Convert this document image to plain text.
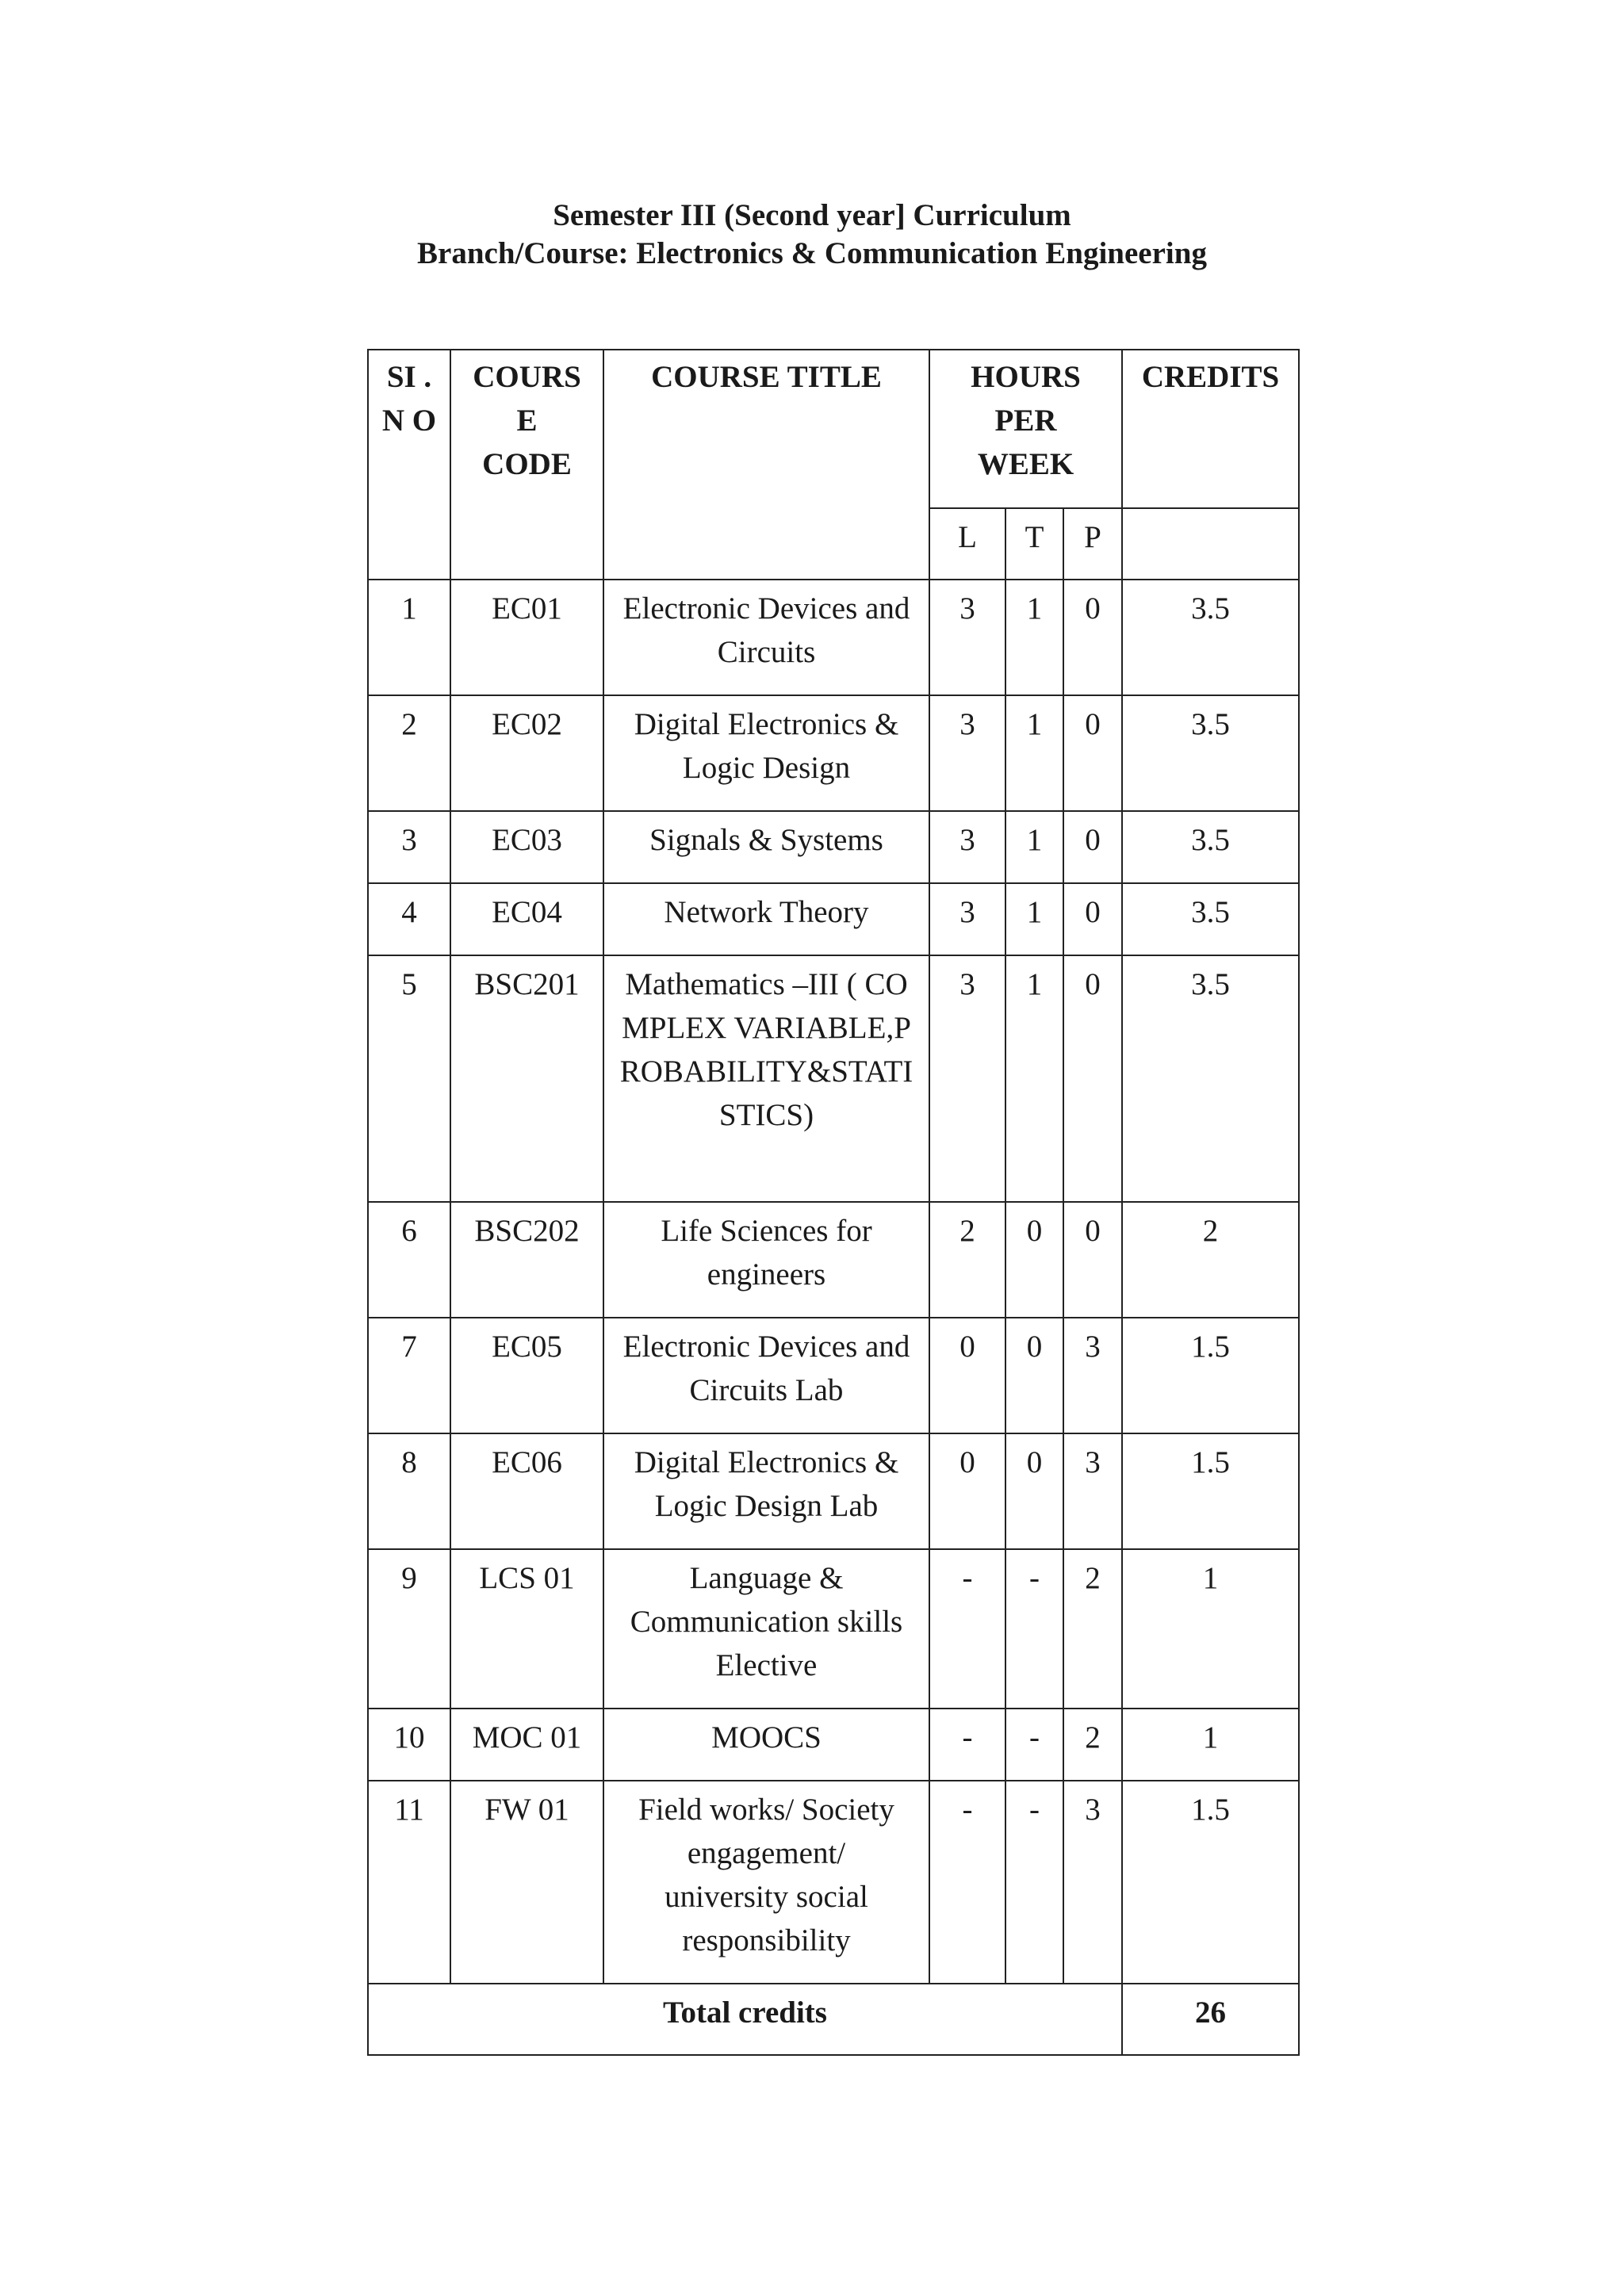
Semester III (Second year] Curriculum
Branch/Course: Electronics & Communication Engineering
SI .N O	COURS E CODE	COURSE TITLE	HOURS PER WEEK			CREDITS
			L	T	P	
1	EC01	Electronic Devices and Circuits	3	1	0	3.5
2	EC02	Digital Electronics & Logic Design	3	1	0	3.5
3	EC03	Signals & Systems	3	1	0	3.5
4	EC04	Network Theory	3	1	0	3.5
5	BSC201	Mathematics –III ( COMPLEX VARIABLE,PROBABILITY&STATISTICS)	3	1	0	3.5
6	BSC202	Life Sciences for engineers	2	0	0	2
7	EC05	Electronic Devices and Circuits Lab	0	0	3	1.5
8	EC06	Digital Electronics & Logic Design Lab	0	0	3	1.5
9	LCS 01	Language & Communication skills Elective	-	-	2	1
10	MOC 01	MOOCS	-	-	2	1
11	FW 01	Field works/ Society engagement/ university social responsibility	-	-	3	1.5
Total credits						26
